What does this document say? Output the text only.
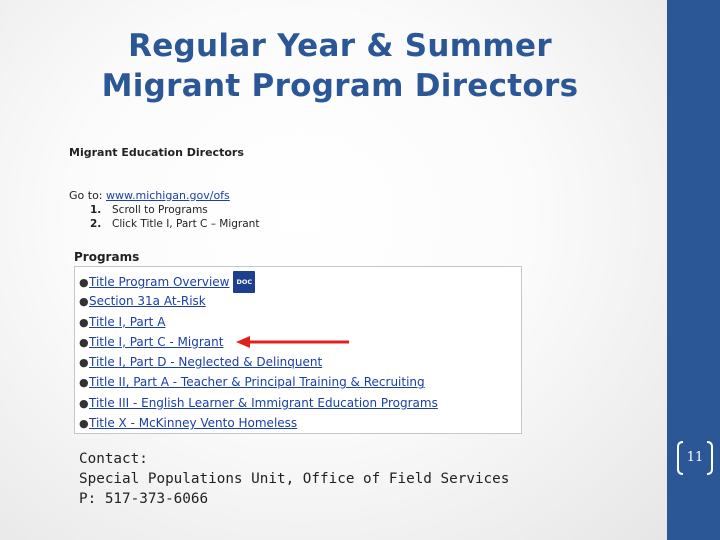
Regular Year & Summer
Migrant Program Directors
Migrant Education Directors
Go to: www.michigan.gov/ofs
1. Scroll to Programs
2. Click Title I, Part C – Migrant
Programs
●Title Program Overview DOC
●Section 31a At-Risk
●Title I, Part A
●Title I, Part C - Migrant
●Title I, Part D - Neglected & Delinquent
●Title II, Part A - Teacher & Principal Training & Recruiting
●Title III - English Learner & Immigrant Education Programs
●Title X - McKinney Vento Homeless
Contact:
Special Populations Unit, Office of Field Services
P: 517-373-6066
11
